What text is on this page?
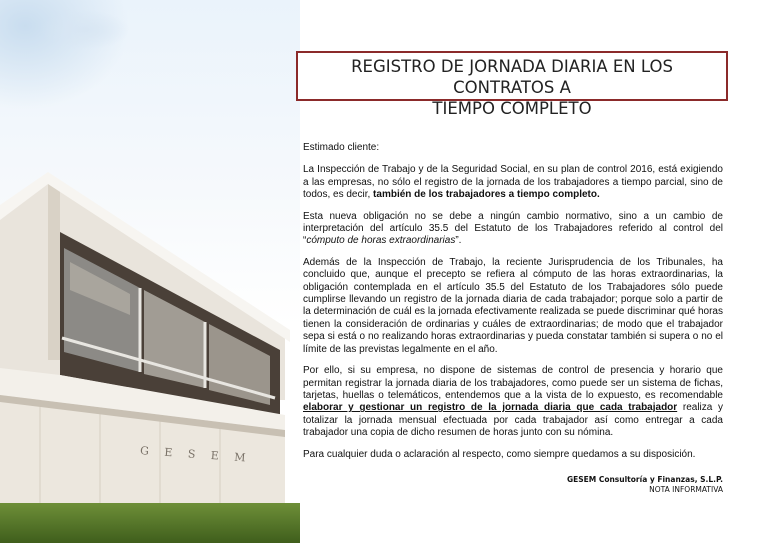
G E S E M
REGISTRO DE JORNADA DIARIA EN LOS CONTRATOS A
TIEMPO COMPLETO

Estimado cliente:

La Inspección de Trabajo y de la Seguridad Social, en su plan de control 2016, está exigiendo a las empresas, no sólo el registro de la jornada de los trabajadores a tiempo parcial, sino de todos, es decir, también de los trabajadores a tiempo completo.

Esta nueva obligación no se debe a ningún cambio normativo, sino a un cambio de interpretación del artículo 35.5 del Estatuto de los Trabajadores referido al control del “cómputo de horas extraordinarias”.

Además de la Inspección de Trabajo, la reciente Jurisprudencia de los Tribunales, ha concluido que, aunque el precepto se refiera al cómputo de las horas extraordinarias, la obligación contemplada en el artículo 35.5 del Estatuto de los Trabajadores sólo puede cumplirse llevando un registro de la jornada diaria de cada trabajador; porque solo a partir de la determinación de cuál es la jornada efectivamente realizada se puede discriminar qué horas tienen la consideración de ordinarias y cuáles de extraordinarias; de modo que el trabajador sepa si está o no realizando horas extraordinarias y pueda constatar también si supera o no el límite de las previstas legalmente en el año.

Por ello, si su empresa, no dispone de sistemas de control de presencia y horario que permitan registrar la jornada diaria de los trabajadores, como puede ser un sistema de fichas, tarjetas, huellas o telemáticos, entendemos que a la vista de lo expuesto, es recomendable elaborar y gestionar un registro de la jornada diaria que cada trabajador realiza y totalizar la jornada mensual efectuada por cada trabajador así como entregar a cada trabajador una copia de dicho resumen de horas junto con su nómina.

Para cualquier duda o aclaración al respecto, como siempre quedamos a su disposición.

GESEM Consultoría y Finanzas, S.L.P.
NOTA INFORMATIVA
